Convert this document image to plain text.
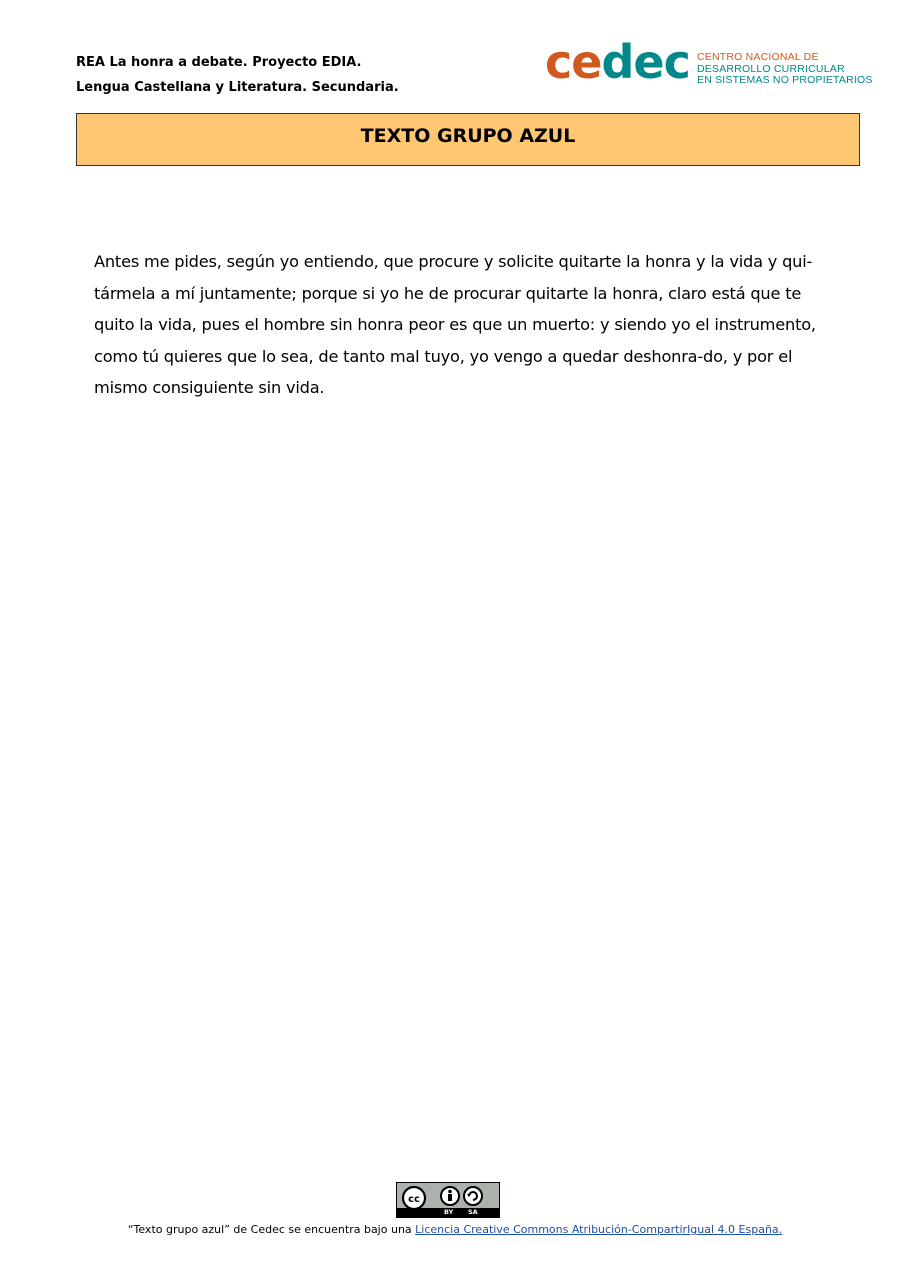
REA La honra a debate. Proyecto EDIA.
Lengua Castellana y Literatura. Secundaria.	cedec CENTRO NACIONAL DE
DESARROLLO CURRICULAR
EN SISTEMAS NO PROPIETARIOS
TEXTO GRUPO AZUL
Antes me pides, según yo entiendo, que procure y solicite quitarte la honra y la vida y qui-
tármela a mí juntamente; porque si yo he de procurar quitarte la honra, claro está que te
quito la vida, pues el hombre sin honra peor es que un muerto: y siendo yo el instrumento,
como tú quieres que lo sea, de tanto mal tuyo, yo vengo a quedar deshonra-do, y por el
mismo consiguiente sin vida.
cc
BY SA
“Texto grupo azul” de Cedec se encuentra bajo una Licencia Creative Commons Atribución-CompartirIgual 4.0 España.
